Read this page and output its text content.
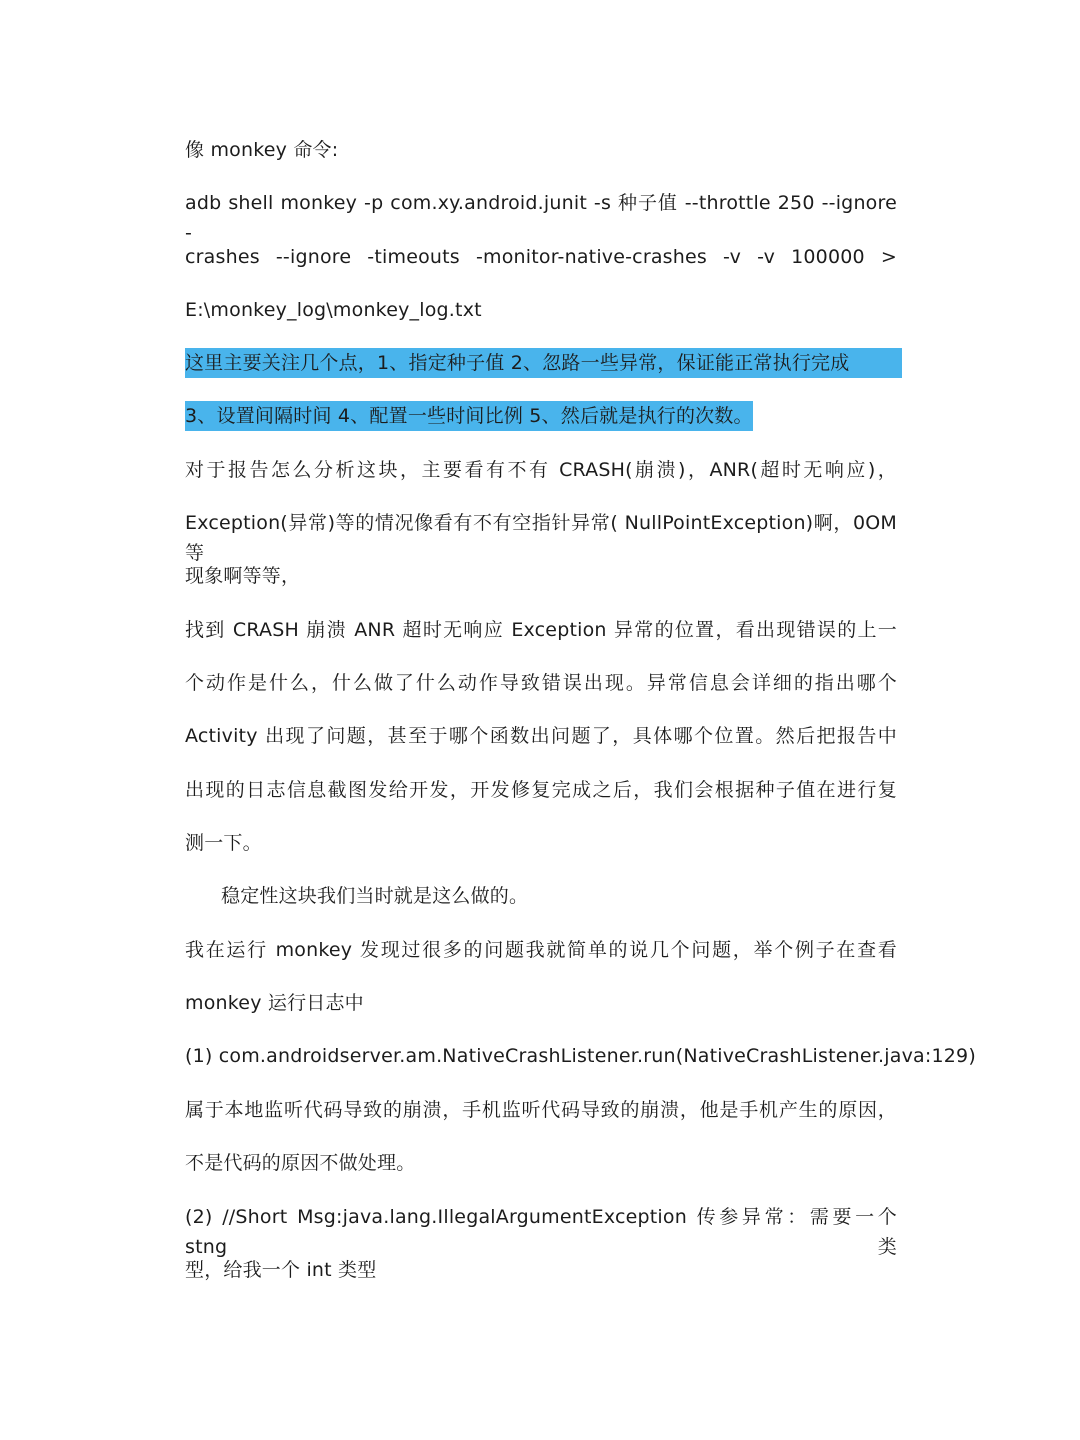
像 monkey 命令:
adb shell monkey -p com.xy.android.junit -s 种子值 --throttle 250 --ignore -
crashes --ignore -timeouts -monitor-native-crashes -v -v 100000 >
E:\monkey_log\monkey_log.txt
这里主要关注几个点，1、指定种子值 2、忽路一些异常，保证能正常执行完成
3、设置间隔时间 4、配置一些时间比例 5、然后就是执行的次数。
对于报告怎么分析这块，主要看有不有 CRASH(崩溃)，ANR(超时无响应)，
Exception(异常)等的情况像看有不有空指针异常( NullPointException)啊，0OM 等
现象啊等等，
找到 CRASH 崩溃 ANR 超时无响应 Exception 异常的位置，看出现错误的上一
个动作是什么，什么做了什么动作导致错误出现。异常信息会详细的指出哪个
Activity 出现了问题，甚至于哪个函数出问题了，具体哪个位置。然后把报告中
出现的日志信息截图发给开发，开发修复完成之后，我们会根据种子值在进行复
测一下。
稳定性这块我们当时就是这么做的。
我在运行 monkey 发现过很多的问题我就简单的说几个问题，举个例子在查看
monkey 运行日志中
(1) com.androidserver.am.NativeCrashListener.run(NativeCrashListener.java:129)
属于本地监听代码导致的崩溃，手机监听代码导致的崩溃，他是手机产生的原因，
不是代码的原因不做处理。
(2) //Short Msg:java.lang.IllegalArgumentException 传参异常：需要一个 stng 类
型，给我一个 int 类型
